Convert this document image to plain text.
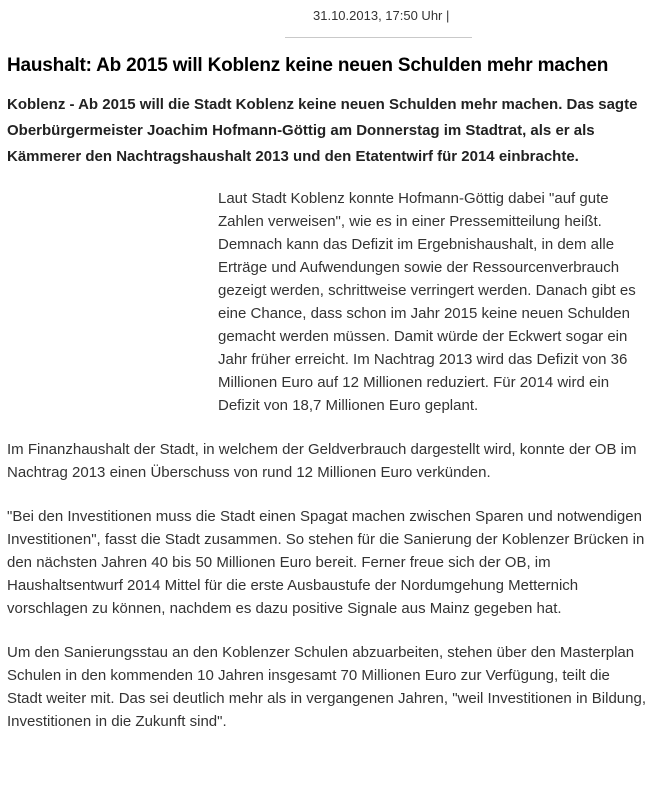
31.10.2013, 17:50 Uhr |
Haushalt: Ab 2015 will Koblenz keine neuen Schulden mehr machen

Koblenz - Ab 2015 will die Stadt Koblenz keine neuen Schulden mehr machen. Das sagte Oberbürgermeister Joachim Hofmann-Göttig am Donnerstag im Stadtrat, als er als Kämmerer den Nachtragshaushalt 2013 und den Etatentwirf für 2014 einbrachte.

Laut Stadt Koblenz konnte Hofmann-Göttig dabei "auf gute Zahlen verweisen", wie es in einer Pressemitteilung heißt. Demnach kann das Defizit im Ergebnishaushalt, in dem alle Erträge und Aufwendungen sowie der Ressourcenverbrauch gezeigt werden, schrittweise verringert werden. Danach gibt es eine Chance, dass schon im Jahr 2015 keine neuen Schulden gemacht werden müssen. Damit würde der Eckwert sogar ein Jahr früher erreicht. Im Nachtrag 2013 wird das Defizit von 36 Millionen Euro auf 12 Millionen reduziert. Für 2014 wird ein Defizit von 18,7 Millionen Euro geplant.

Im Finanzhaushalt der Stadt, in welchem der Geldverbrauch dargestellt wird, konnte der OB im Nachtrag 2013 einen Überschuss von rund 12 Millionen Euro verkünden.

"Bei den Investitionen muss die Stadt einen Spagat machen zwischen Sparen und notwendigen Investitionen", fasst die Stadt zusammen. So stehen für die Sanierung der Koblenzer Brücken in den nächsten Jahren 40 bis 50 Millionen Euro bereit. Ferner freue sich der OB, im Haushaltsentwurf 2014 Mittel für die erste Ausbaustufe der Nordumgehung Metternich vorschlagen zu können, nachdem es dazu positive Signale aus Mainz gegeben hat.

Um den Sanierungsstau an den Koblenzer Schulen abzuarbeiten, stehen über den Masterplan Schulen in den kommenden 10 Jahren insgesamt 70 Millionen Euro zur Verfügung, teilt die Stadt weiter mit. Das sei deutlich mehr als in vergangenen Jahren, "weil Investitionen in Bildung, Investitionen in die Zukunft sind".
